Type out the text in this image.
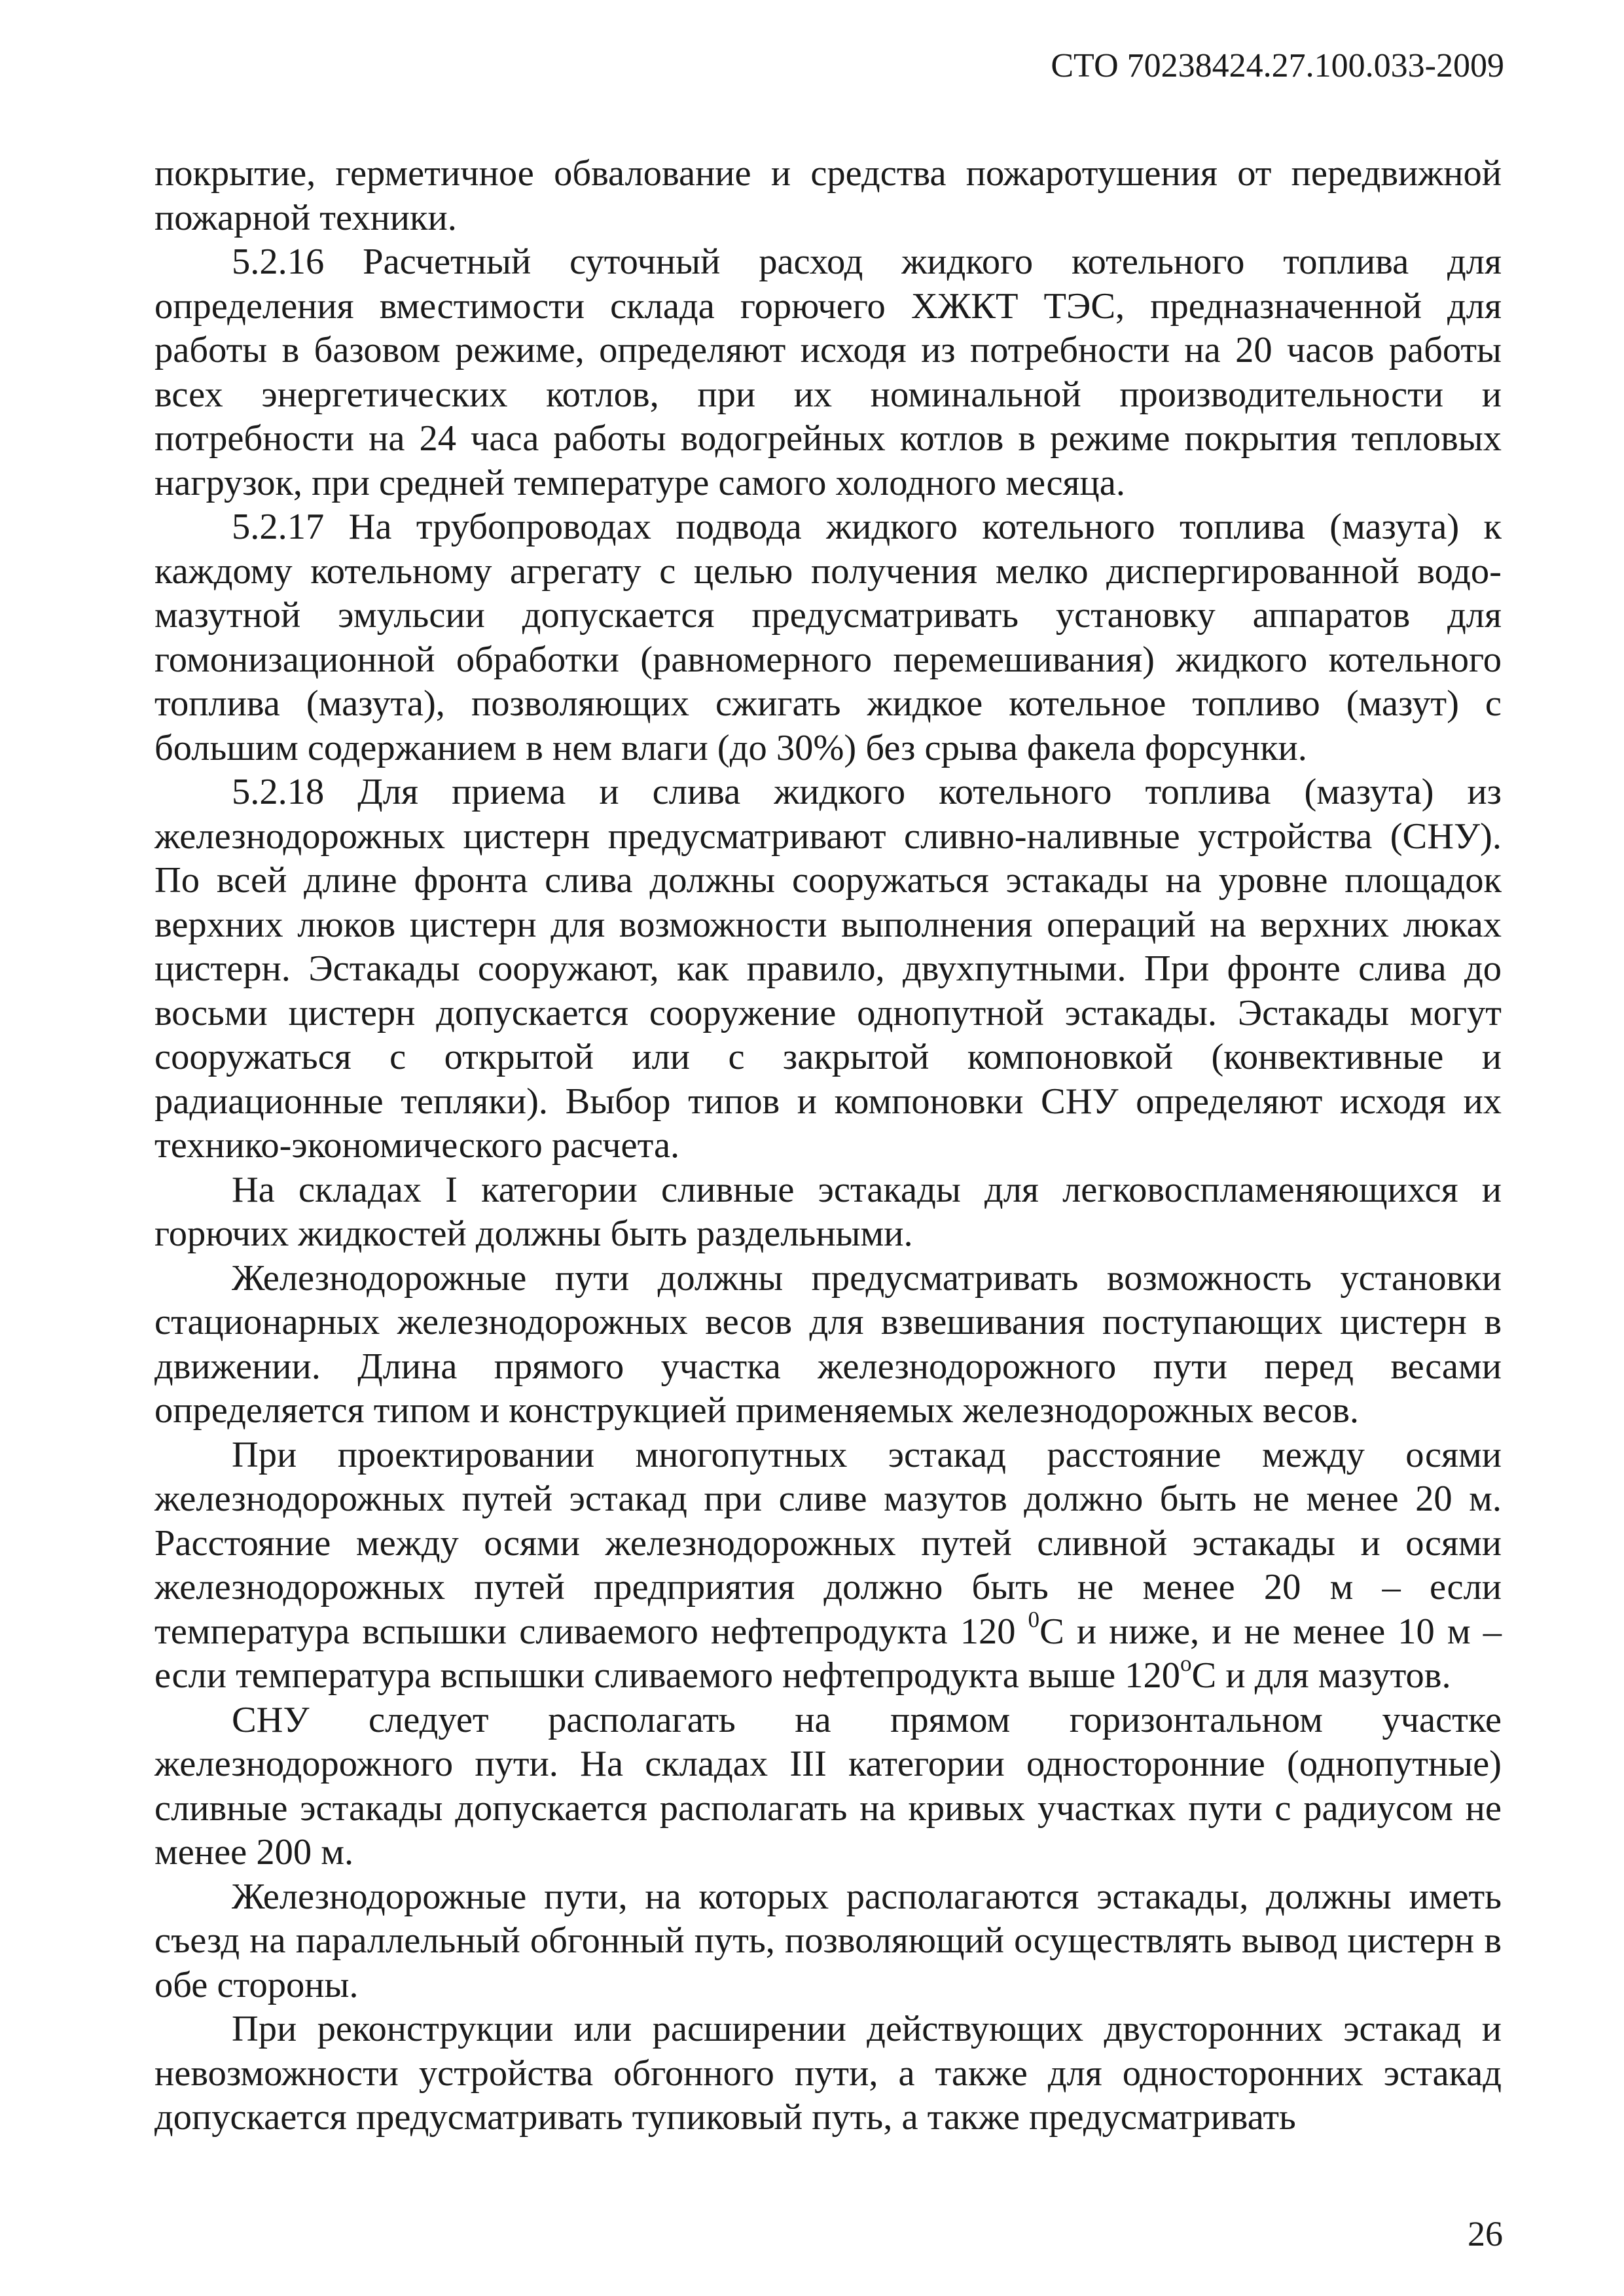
СТО 70238424.27.100.033-2009

покрытие, герметичное обвалование и средства пожаротушения от передвижной пожарной техники.

5.2.16 Расчетный суточный расход жидкого котельного топлива для определения вместимости склада горючего ХЖКТ ТЭС, предназначенной для работы в базовом режиме, определяют исходя из потребности на 20 часов работы всех энергетических котлов, при их номинальной производительности и потребности на 24 часа работы водогрейных котлов в режиме покрытия тепловых нагрузок, при средней температуре самого холодного месяца.

5.2.17 На трубопроводах подвода жидкого котельного топлива (мазута) к каждому котельному агрегату с целью получения мелко диспергированной водо-мазутной эмульсии допускается предусматривать установку аппаратов для гомонизационной обработки (равномерного перемешивания) жидкого котельного топлива (мазута), позволяющих сжигать жидкое котельное топливо (мазут) с большим содержанием в нем влаги (до 30%) без срыва факела форсунки.

5.2.18 Для приема и слива жидкого котельного топлива (мазута) из железнодорожных цистерн предусматривают сливно-наливные устройства (СНУ). По всей длине фронта слива должны сооружаться эстакады на уровне площадок верхних люков цистерн для возможности выполнения операций на верхних люках цистерн. Эстакады сооружают, как правило, двухпутными. При фронте слива до восьми цистерн допускается сооружение однопутной эстакады. Эстакады могут сооружаться с открытой или с закрытой компоновкой (конвективные и радиационные тепляки). Выбор типов и компоновки СНУ определяют исходя их технико-экономического расчета.

На складах I категории сливные эстакады для легковоспламеняющихся и горючих жидкостей должны быть раздельными.

Железнодорожные пути должны предусматривать возможность установки стационарных железнодорожных весов для взвешивания поступающих цистерн в движении. Длина прямого участка железнодорожного пути перед весами определяется типом и конструкцией применяемых железнодорожных весов.

При проектировании многопутных эстакад расстояние между осями железнодорожных путей эстакад при сливе мазутов должно быть не менее 20 м. Расстояние между осями железнодорожных путей сливной эстакады и осями железнодорожных путей предприятия должно быть не менее 20 м – если температура вспышки сливаемого нефтепродукта 120 $^0$С и ниже, и не менее 10 м – если температура вспышки сливаемого нефтепродукта выше $120^оС$ и для мазутов.

СНУ следует располагать на прямом горизонтальном участке железнодорожного пути. На складах III категории односторонние (однопутные) сливные эстакады допускается располагать на кривых участках пути с радиусом не менее 200 м.

Железнодорожные пути, на которых располагаются эстакады, должны иметь съезд на параллельный обгонный путь, позволяющий осуществлять вывод цистерн в обе стороны.

При реконструкции или расширении действующих двусторонних эстакад и невозможности устройства обгонного пути, а также для односторонних эстакад допускается предусматривать тупиковый путь, а также предусматривать

26
